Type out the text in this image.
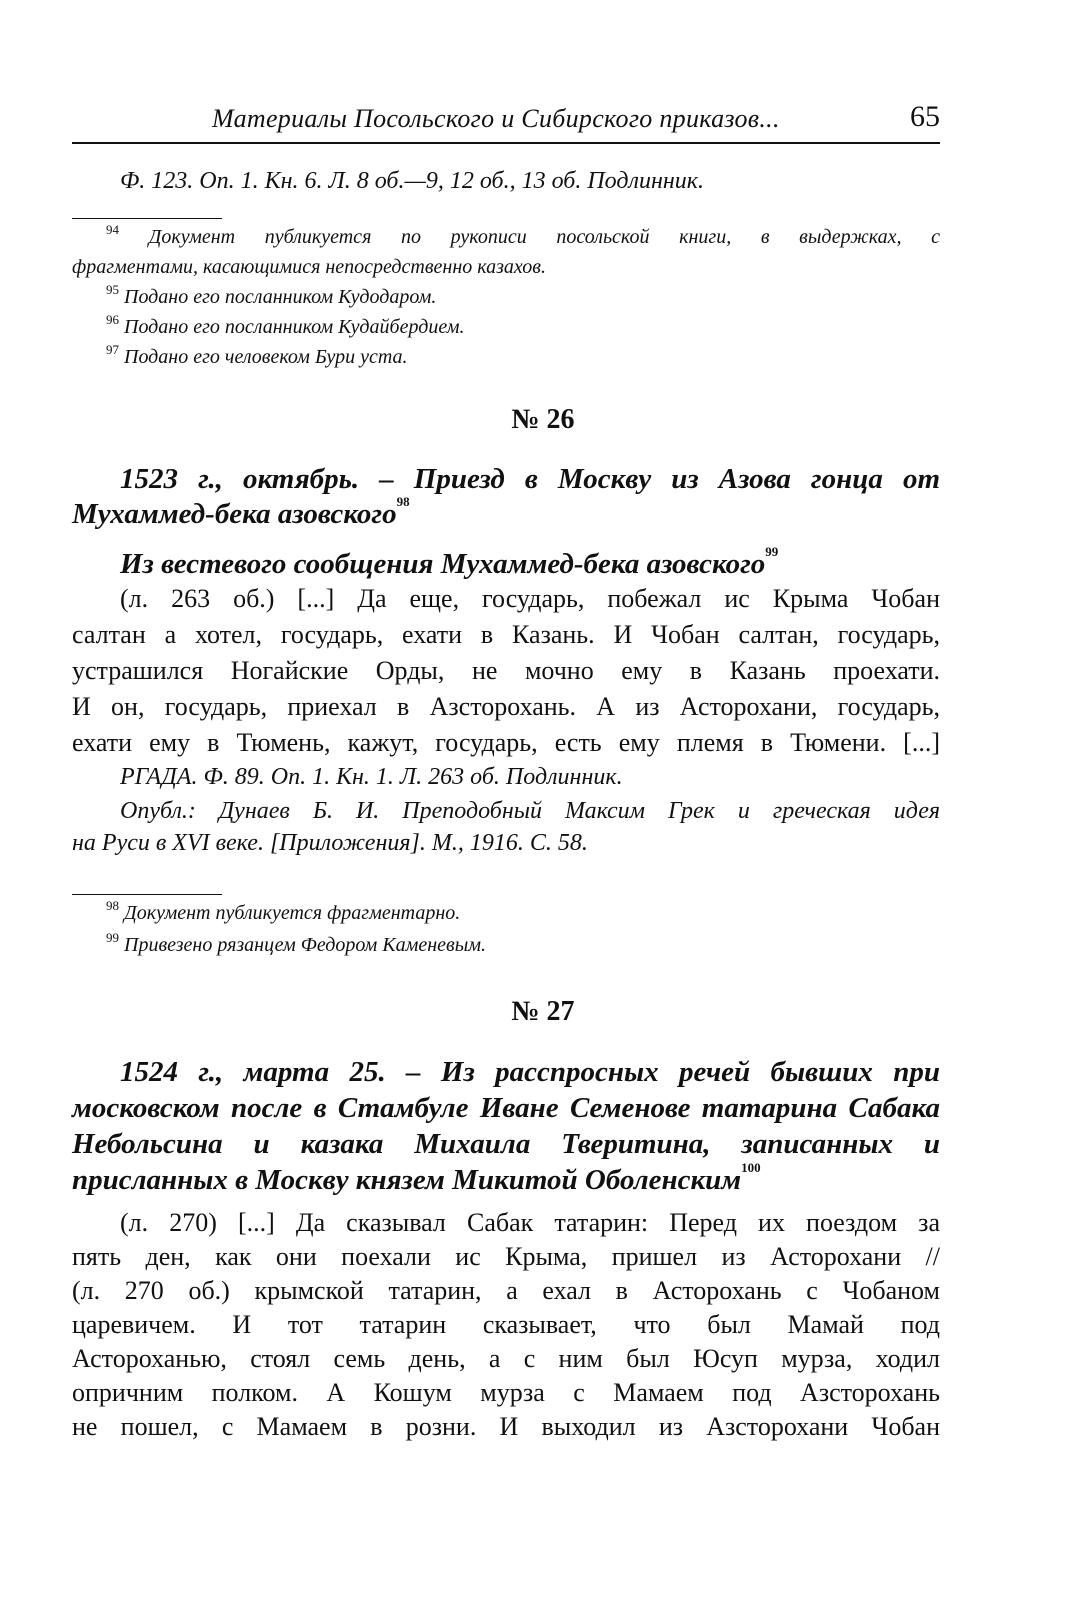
Материалы Посольского и Сибирского приказов...	65
Ф. 123. Оп. 1. Кн. 6. Л. 8 об.—9, 12 об., 13 об. Подлинник.
$^{94}$ Документ публикуется по рукописи посольской книги, в выдержках, с
фрагментами, касающимися непосредственно казахов.
$^{95}$ Подано его посланником Кудодаром.
$^{96}$ Подано его посланником Кудайбердием.
$^{97}$ Подано его человеком Бури уста.
№ 26
1523 г., октябрь. – Приезд в Москву из Азова гонца от
Мухаммед-бека азовского$^{98}$
Из вестевого сообщения Мухаммед-бека азовского$^{99}$
(л. 263 об.) [...] Да еще, государь, побежал ис Крыма Чобан
салтан а хотел, государь, ехати в Казань. И Чобан салтан, государь,
устрашился Ногайские Орды, не мочно ему в Казань проехати.
И он, государь, приехал в Азсторохань. А из Асторохани, государь,
ехати ему в Тюмень, кажут, государь, есть ему племя в Тюмени. [...]
РГАДА. Ф. 89. Оп. 1. Кн. 1. Л. 263 об. Подлинник.
Опубл.: Дунаев Б. И. Преподобный Максим Грек и греческая идея
на Руси в XVI веке. [Приложения]. М., 1916. С. 58.
$^{98}$ Документ публикуется фрагментарно.
$^{99}$ Привезено рязанцем Федором Каменевым.
№ 27
1524 г., марта 25. – Из расспросных речей бывших при
московском после в Стамбуле Иване Семенове татарина Сабака
Небольсина и казака Михаила Тверитина, записанных и
присланных в Москву князем Микитой Оболенским$^{100}$
(л. 270) [...] Да сказывал Сабак татарин: Перед их поездом за
пять ден, как они поехали ис Крыма, пришел из Асторохани //
(л. 270 об.) крымской татарин, а ехал в Асторохань с Чобаном
царевичем. И тот татарин сказывает, что был Мамай под
Астороханью, стоял семь день, а с ним был Юсуп мурза, ходил
опричним полком. А Кошум мурза с Мамаем под Азсторохань
не пошел, с Мамаем в розни. И выходил из Азсторохани Чобан
